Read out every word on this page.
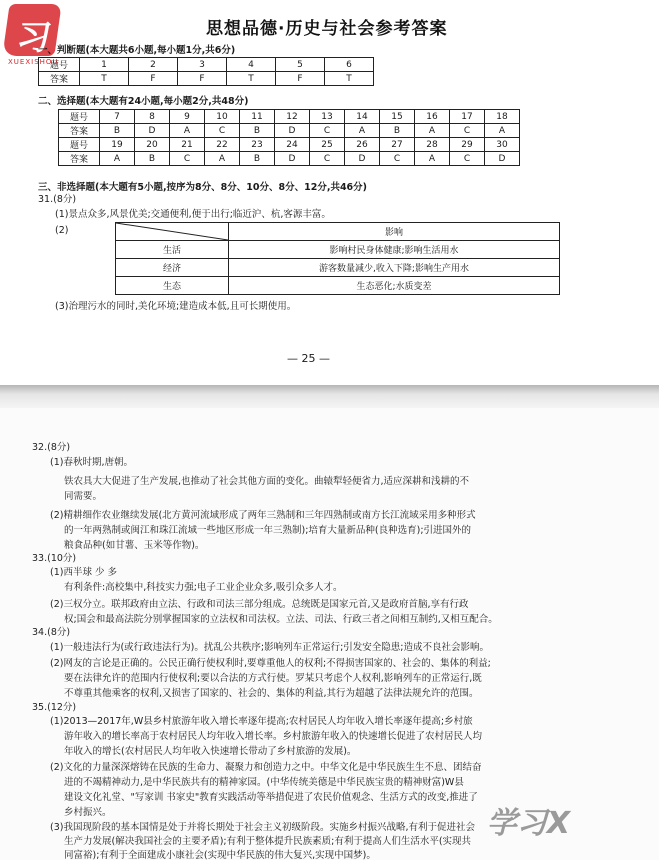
习
XUEXISHOU
思想品德·历史与社会参考答案
一、判断题(本大题共6小题,每小题1分,共6分)
题号	1	2	3	4	5	6
答案	T	F	F	T	F	T
二、选择题(本大题有24小题,每小题2分,共48分)
题号	7	8	9	10	11	12	13	14	15	16	17	18
答案	B	D	A	C	B	D	C	A	B	A	C	A
题号	19	20	21	22	23	24	25	26	27	28	29	30
答案	A	B	C	A	B	D	C	D	C	A	C	D
三、非选择题(本大题有5小题,按序为8分、8分、10分、8分、12分,共46分)
31.(8分)
(1)景点众多,风景优美;交通便利,便于出行;临近沪、杭,客源丰富。
(2)
		影响
生活	影响村民身体健康;影响生活用水
经济	游客数量减少,收入下降;影响生产用水
生态	生态恶化;水质变差
(3)治理污水的同时,美化环境;建造成本低,且可长期使用。
— 25 —
32.(8分)
(1)春秋时期,唐朝。
铁农具大大促进了生产发展,也推动了社会其他方面的变化。曲辕犁轻便省力,适应深耕和浅耕的不
同需要。
(2)精耕细作农业继续发展(北方黄河流域形成了两年三熟制和三年四熟制或南方长江流域采用多种形式
的一年两熟制或闽江和珠江流域一些地区形成一年三熟制);培育大量新品种(良种选育);引进国外的
粮食品种(如甘薯、玉米等作物)。
33.(10分)
(1)西半球 少 多
有利条件:高校集中,科技实力强;电子工业企业众多,吸引众多人才。
(2)三权分立。联邦政府由立法、行政和司法三部分组成。总统既是国家元首,又是政府首脑,享有行政
权;国会和最高法院分别掌握国家的立法权和司法权。立法、司法、行政三者之间相互制约,又相互配合。
34.(8分)
(1)一般违法行为(或行政违法行为)。扰乱公共秩序;影响列车正常运行;引发安全隐患;造成不良社会影响。
(2)网友的言论是正确的。公民正确行使权利时,要尊重他人的权利;不得损害国家的、社会的、集体的利益;
要在法律允许的范围内行使权利;要以合法的方式行使。罗某只考虑个人权利,影响列车的正常运行,既
不尊重其他乘客的权利,又损害了国家的、社会的、集体的利益,其行为超越了法律法规允许的范围。
35.(12分)
(1)2013—2017年,W县乡村旅游年收入增长率逐年提高;农村居民人均年收入增长率逐年提高;乡村旅
游年收入的增长率高于农村居民人均年收入增长率。乡村旅游年收入的快速增长促进了农村居民人均
年收入的增长(农村居民人均年收入快速增长带动了乡村旅游的发展)。
(2)文化的力量深深熔铸在民族的生命力、凝聚力和创造力之中。中华文化是中华民族生生不息、团结奋
进的不竭精神动力,是中华民族共有的精神家园。(中华传统美德是中华民族宝贵的精神财富)W县
建设文化礼堂、"写家训 书家史"教育实践活动等举措促进了农民价值观念、生活方式的改变,推进了
乡村振兴。
(3)我国现阶段的基本国情是处于并将长期处于社会主义初级阶段。实施乡村振兴战略,有利于促进社会
生产力发展(解决我国社会的主要矛盾);有利于整体提升民族素质;有利于提高人们生活水平(实现共
同富裕);有利于全面建成小康社会(实现中华民族的伟大复兴,实现中国梦)。
学习X
